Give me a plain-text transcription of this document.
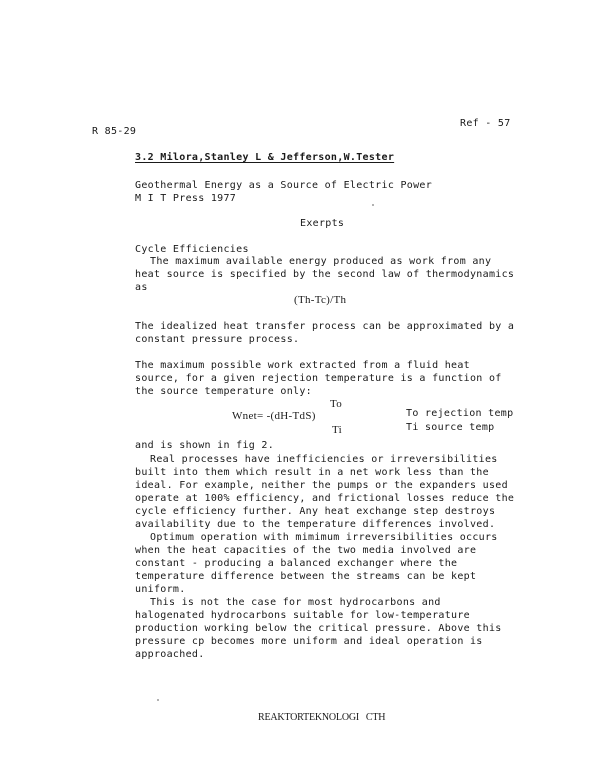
Ref - 57
R 85-29
3.2 Milora,Stanley L & Jefferson,W.Tester
Geothermal Energy as a Source of Electric Power
M I T Press 1977
Exerpts
Cycle Efficiencies
The maximum available energy produced as work from any
heat source is specified by the second law of thermodynamics
as
(Th-Tc)/Th
The idealized heat transfer process can be approximated by a
constant pressure process.
The maximum possible work extracted from a fluid heat
source, for a given rejection temperature is a function of
the source temperature only:
To
Wnet= -(dH-TdS)
Ti
To rejection temp
Ti source temp
and is shown in fig 2.
Real processes have inefficiencies or irreversibilities
built into them which result in a net work less than the
ideal. For example, neither the pumps or the expanders used
operate at 100% efficiency, and frictional losses reduce the
cycle efficiency further. Any heat exchange step destroys
availability due to the temperature differences involved.
Optimum operation with mimimum irreversibilities occurs
when the heat capacities of the two media involved are
constant - producing a balanced exchanger where the
temperature difference between the streams can be kept
uniform.
This is not the case for most hydrocarbons and
halogenated hydrocarbons suitable for low-temperature
production working below the critical pressure. Above this
pressure cp becomes more uniform and ideal operation is
approached.
REAKTORTEKNOLOGI   CTH
